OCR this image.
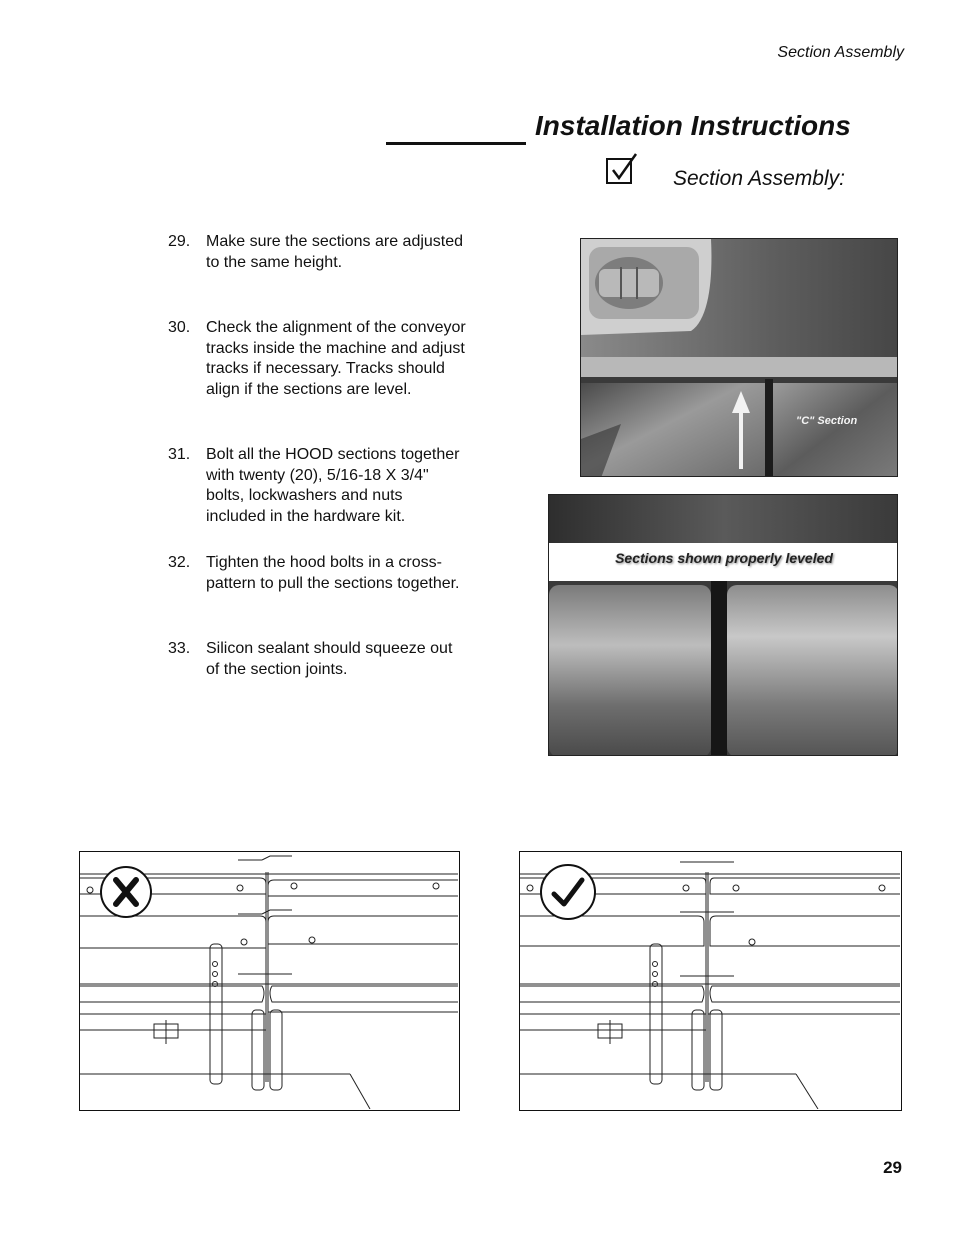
Section Assembly
Installation Instructions
Section Assembly:
29. Make sure the sections are adjusted to the same height.
30. Check the alignment of the conveyor tracks inside the machine and adjust tracks if necessary. Tracks should align if the sections are level.
31. Bolt all the HOOD sections together with twenty (20), 5/16-18 X 3/4" bolts, lockwashers and nuts included in the hardware kit.
32. Tighten the hood bolts in a cross-pattern to pull the sections together.
33. Silicon sealant should squeeze out of the section joints.
"C" Section
Sections shown properly leveled
29
